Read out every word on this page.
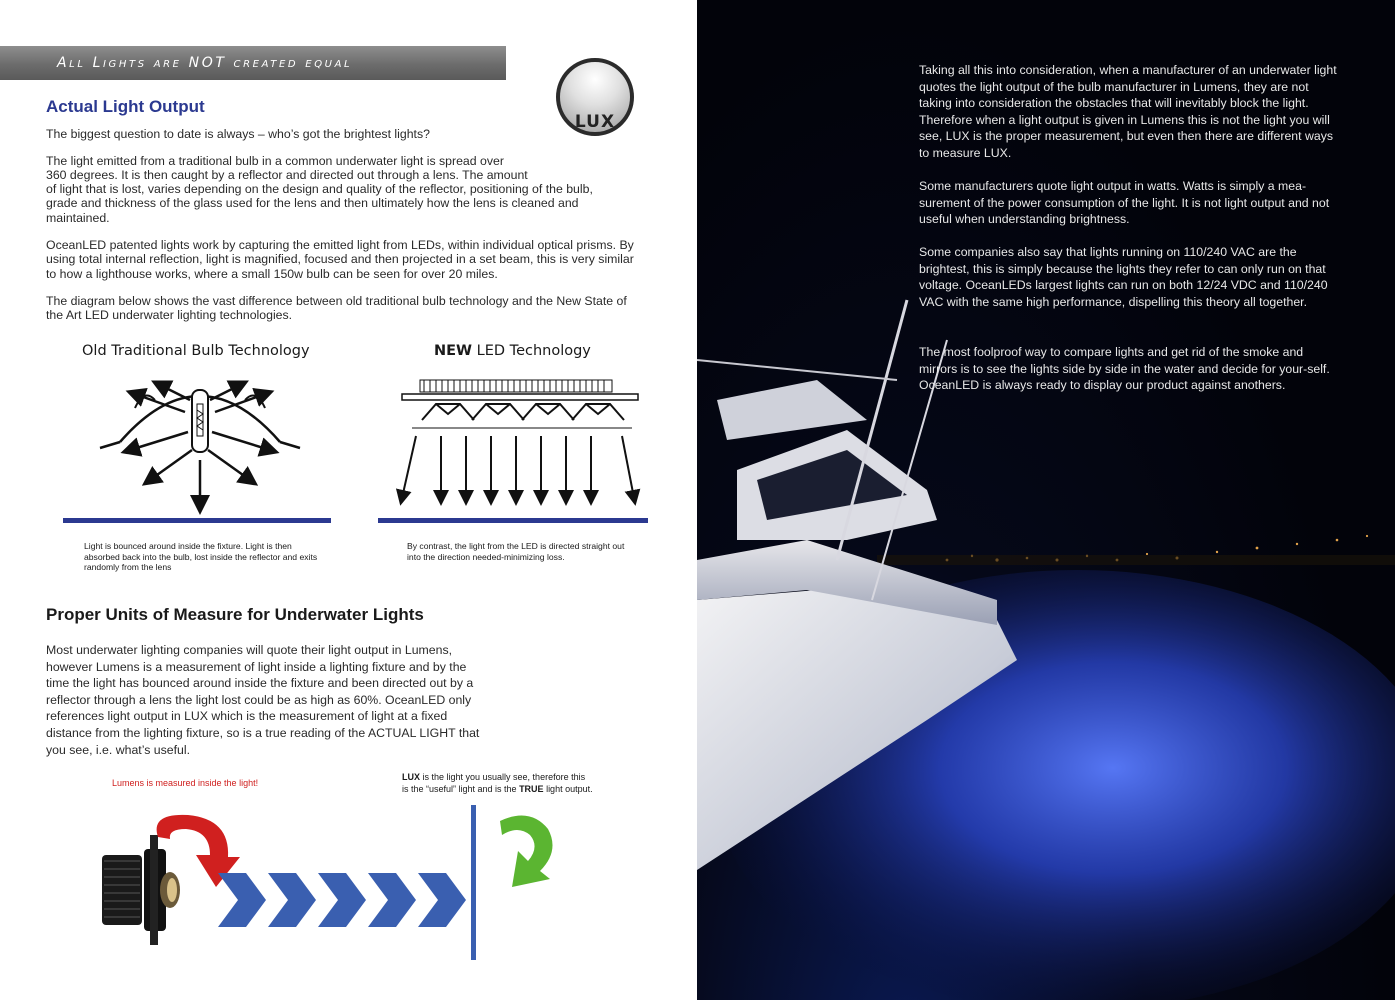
All Lights are NOT created equal
LUX
Actual Light Output
The biggest question to date is always – who’s got the brightest lights?
The light emitted from a traditional bulb in a common underwater light is spread over
360 degrees. It is then caught by a reflector and directed out through a lens. The amount
of light that is lost, varies depending on the design and quality of the reflector, positioning of the bulb, grade and thickness of the glass used for the lens and then ultimately how the lens is cleaned and maintained.
OceanLED patented lights work by capturing the emitted light from LEDs, within individual optical prisms. By using total internal reflection, light is magnified, focused and then projected in a set beam, this is very similar to how a lighthouse works, where a small 150w bulb can be seen for over 20 miles.
The diagram below shows the vast difference between old traditional bulb technology and the New State of the Art LED underwater lighting technologies.
Old Traditional Bulb Technology	NEW LED Technology
Light is bounced around inside the fixture. Light is then absorbed back into the bulb, lost inside the reflector and exits randomly from the lens
By contrast, the light from the LED is directed straight out into the direction needed-minimizing loss.
Proper Units of Measure for Underwater Lights
Most underwater lighting companies will quote their light output in Lumens, however Lumens is a measurement of light inside a lighting fixture and by the time the light has bounced around inside the fixture and been directed out by a reflector through a lens the light lost could be as high as 60%. OceanLED only references light output in LUX which is the measurement of light at a fixed distance from the lighting fixture, so is a true reading of the ACTUAL LIGHT that you see, i.e. what’s useful.
Lumens is measured inside the light!
LUX is the light you usually see, therefore this
is the “useful” light and is the TRUE light output.
Taking all this into consideration, when a manufacturer of an underwater light quotes the light output of the bulb manufacturer in Lumens, they are not taking into consideration the obstacles that will inevitably block the light. Therefore when a light output is given in Lumens this is not the light you will see, LUX is the proper measurement, but even then there are different ways to measure LUX.
Some manufacturers quote light output in watts. Watts is simply a mea-surement of the power consumption of the light. It is not light output and not useful when understanding brightness.
Some companies also say that lights running on 110/240 VAC are the brightest, this is simply because the lights they refer to can only run on that voltage. OceanLEDs largest lights can run on both 12/24 VDC and 110/240 VAC with the same high performance, dispelling this theory all together.
The most foolproof way to compare lights and get rid of the smoke and mirrors is to see the lights side by side in the water and decide for your-self. OceanLED is always ready to display our product against anothers.
